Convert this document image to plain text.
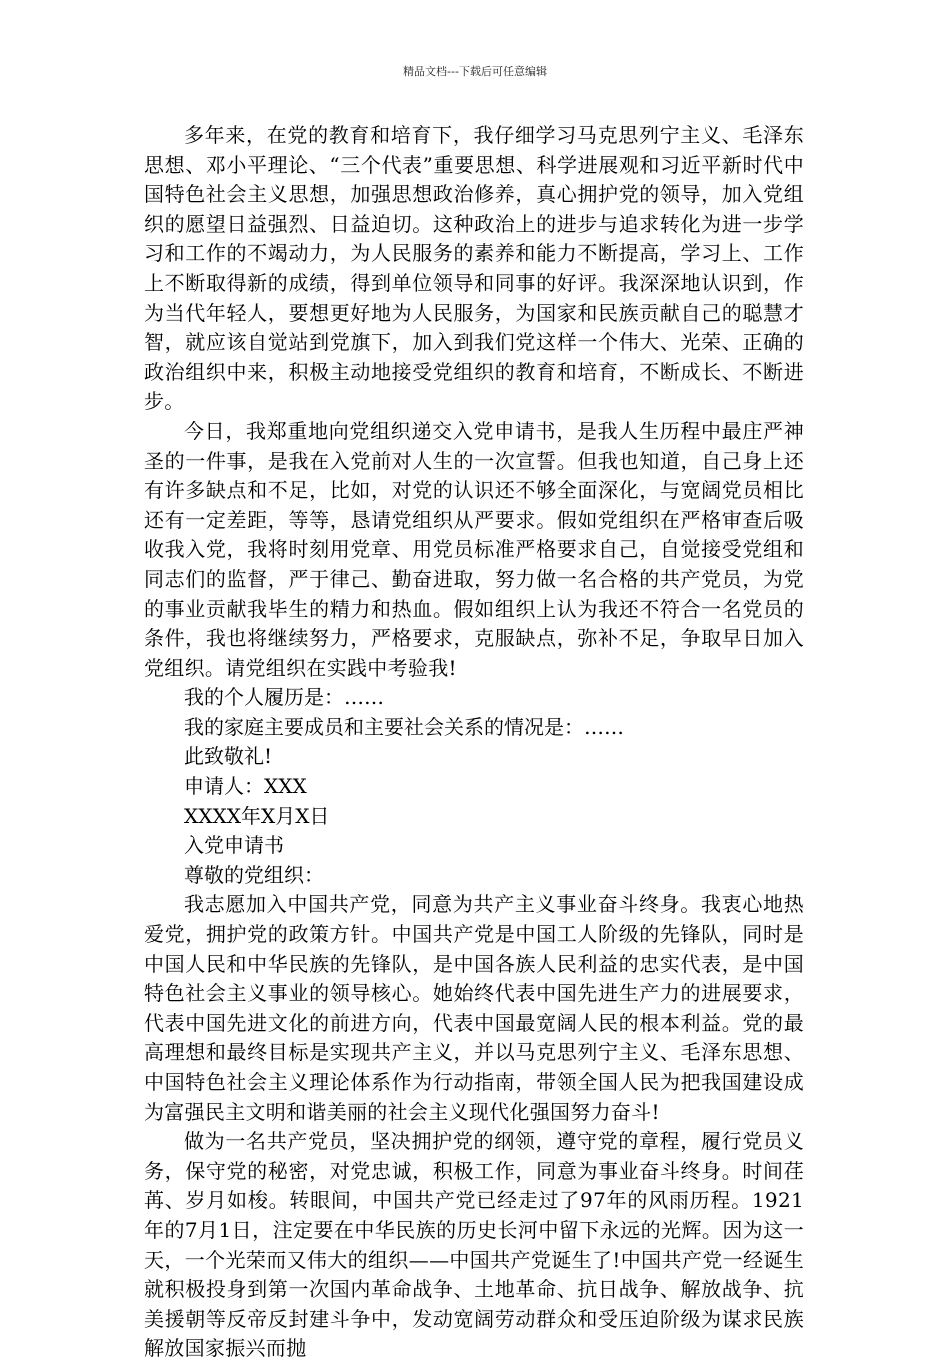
精品文档---下载后可任意编辑

多年来，在党的教育和培育下，我仔细学习马克思列宁主义、毛泽东思想、邓小平理论、“三个代表”重要思想、科学进展观和习近平新时代中国特色社会主义思想，加强思想政治修养，真心拥护党的领导，加入党组织的愿望日益强烈、日益迫切。这种政治上的进步与追求转化为进一步学习和工作的不竭动力，为人民服务的素养和能力不断提高，学习上、工作上不断取得新的成绩，得到单位领导和同事的好评。我深深地认识到，作为当代年轻人，要想更好地为人民服务，为国家和民族贡献自己的聪慧才智，就应该自觉站到党旗下，加入到我们党这样一个伟大、光荣、正确的政治组织中来，积极主动地接受党组织的教育和培育，不断成长、不断进步。

今日，我郑重地向党组织递交入党申请书，是我人生历程中最庄严神圣的一件事，是我在入党前对人生的一次宣誓。但我也知道，自己身上还有许多缺点和不足，比如，对党的认识还不够全面深化，与宽阔党员相比还有一定差距，等等，恳请党组织从严要求。假如党组织在严格审查后吸收我入党，我将时刻用党章、用党员标准严格要求自己，自觉接受党组和同志们的监督，严于律己、勤奋进取，努力做一名合格的共产党员，为党的事业贡献我毕生的精力和热血。假如组织上认为我还不符合一名党员的条件，我也将继续努力，严格要求，克服缺点，弥补不足，争取早日加入党组织。请党组织在实践中考验我!

我的个人履历是：……

我的家庭主要成员和主要社会关系的情况是：……

此致敬礼!

申请人：XXX

XXXX年X月X日

入党申请书

尊敬的党组织：

我志愿加入中国共产党，同意为共产主义事业奋斗终身。我衷心地热爱党，拥护党的政策方针。中国共产党是中国工人阶级的先锋队，同时是中国人民和中华民族的先锋队，是中国各族人民利益的忠实代表，是中国特色社会主义事业的领导核心。她始终代表中国先进生产力的进展要求，代表中国先进文化的前进方向，代表中国最宽阔人民的根本利益。党的最高理想和最终目标是实现共产主义，并以马克思列宁主义、毛泽东思想、中国特色社会主义理论体系作为行动指南，带领全国人民为把我国建设成为富强民主文明和谐美丽的社会主义现代化强国努力奋斗!

做为一名共产党员，坚决拥护党的纲领，遵守党的章程，履行党员义务，保守党的秘密，对党忠诚，积极工作，同意为事业奋斗终身。时间荏苒、岁月如梭。转眼间，中国共产党已经走过了97年的风雨历程。1921年的7月1日，注定要在中华民族的历史长河中留下永远的光辉。因为这一天，一个光荣而又伟大的组织——中国共产党诞生了!中国共产党一经诞生就积极投身到第一次国内革命战争、土地革命、抗日战争、解放战争、抗美援朝等反帝反封建斗争中，发动宽阔劳动群众和受压迫阶级为谋求民族解放国家振兴而抛
